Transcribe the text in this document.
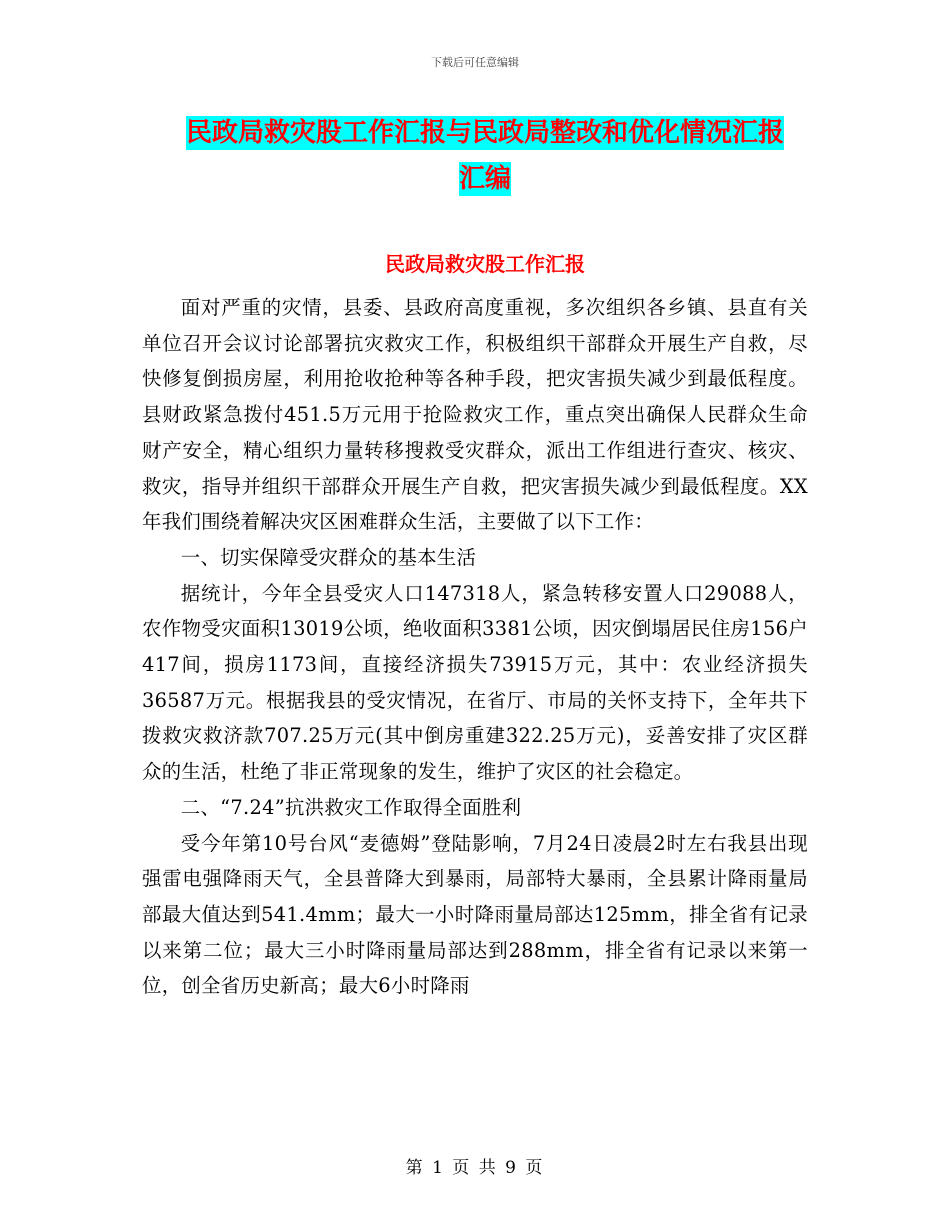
下载后可任意编辑
民政局救灾股工作汇报与民政局整改和优化情况汇报
汇编
民政局救灾股工作汇报

面对严重的灾情，县委、县政府高度重视，多次组织各乡镇、县直有关单位召开会议讨论部署抗灾救灾工作，积极组织干部群众开展生产自救，尽快修复倒损房屋，利用抢收抢种等各种手段，把灾害损失减少到最低程度。县财政紧急拨付451.5万元用于抢险救灾工作，重点突出确保人民群众生命财产安全，精心组织力量转移搜救受灾群众，派出工作组进行查灾、核灾、救灾，指导并组织干部群众开展生产自救，把灾害损失减少到最低程度。XX年我们围绕着解决灾区困难群众生活，主要做了以下工作：

一、切实保障受灾群众的基本生活

据统计，今年全县受灾人口147318人，紧急转移安置人口29088人，农作物受灾面积13019公顷，绝收面积3381公顷，因灾倒塌居民住房156户417间，损房1173间，直接经济损失73915万元，其中：农业经济损失36587万元。根据我县的受灾情况，在省厅、市局的关怀支持下，全年共下拨救灾救济款707.25万元(其中倒房重建322.25万元)，妥善安排了灾区群众的生活，杜绝了非正常现象的发生，维护了灾区的社会稳定。

二、“7.24”抗洪救灾工作取得全面胜利

受今年第10号台风“麦德姆”登陆影响，7月24日凌晨2时左右我县出现强雷电强降雨天气，全县普降大到暴雨，局部特大暴雨，全县累计降雨量局部最大值达到541.4mm；最大一小时降雨量局部达125mm，排全省有记录以来第二位；最大三小时降雨量局部达到288mm，排全省有记录以来第一位，创全省历史新高；最大6小时降雨

第 1 页 共 9 页
